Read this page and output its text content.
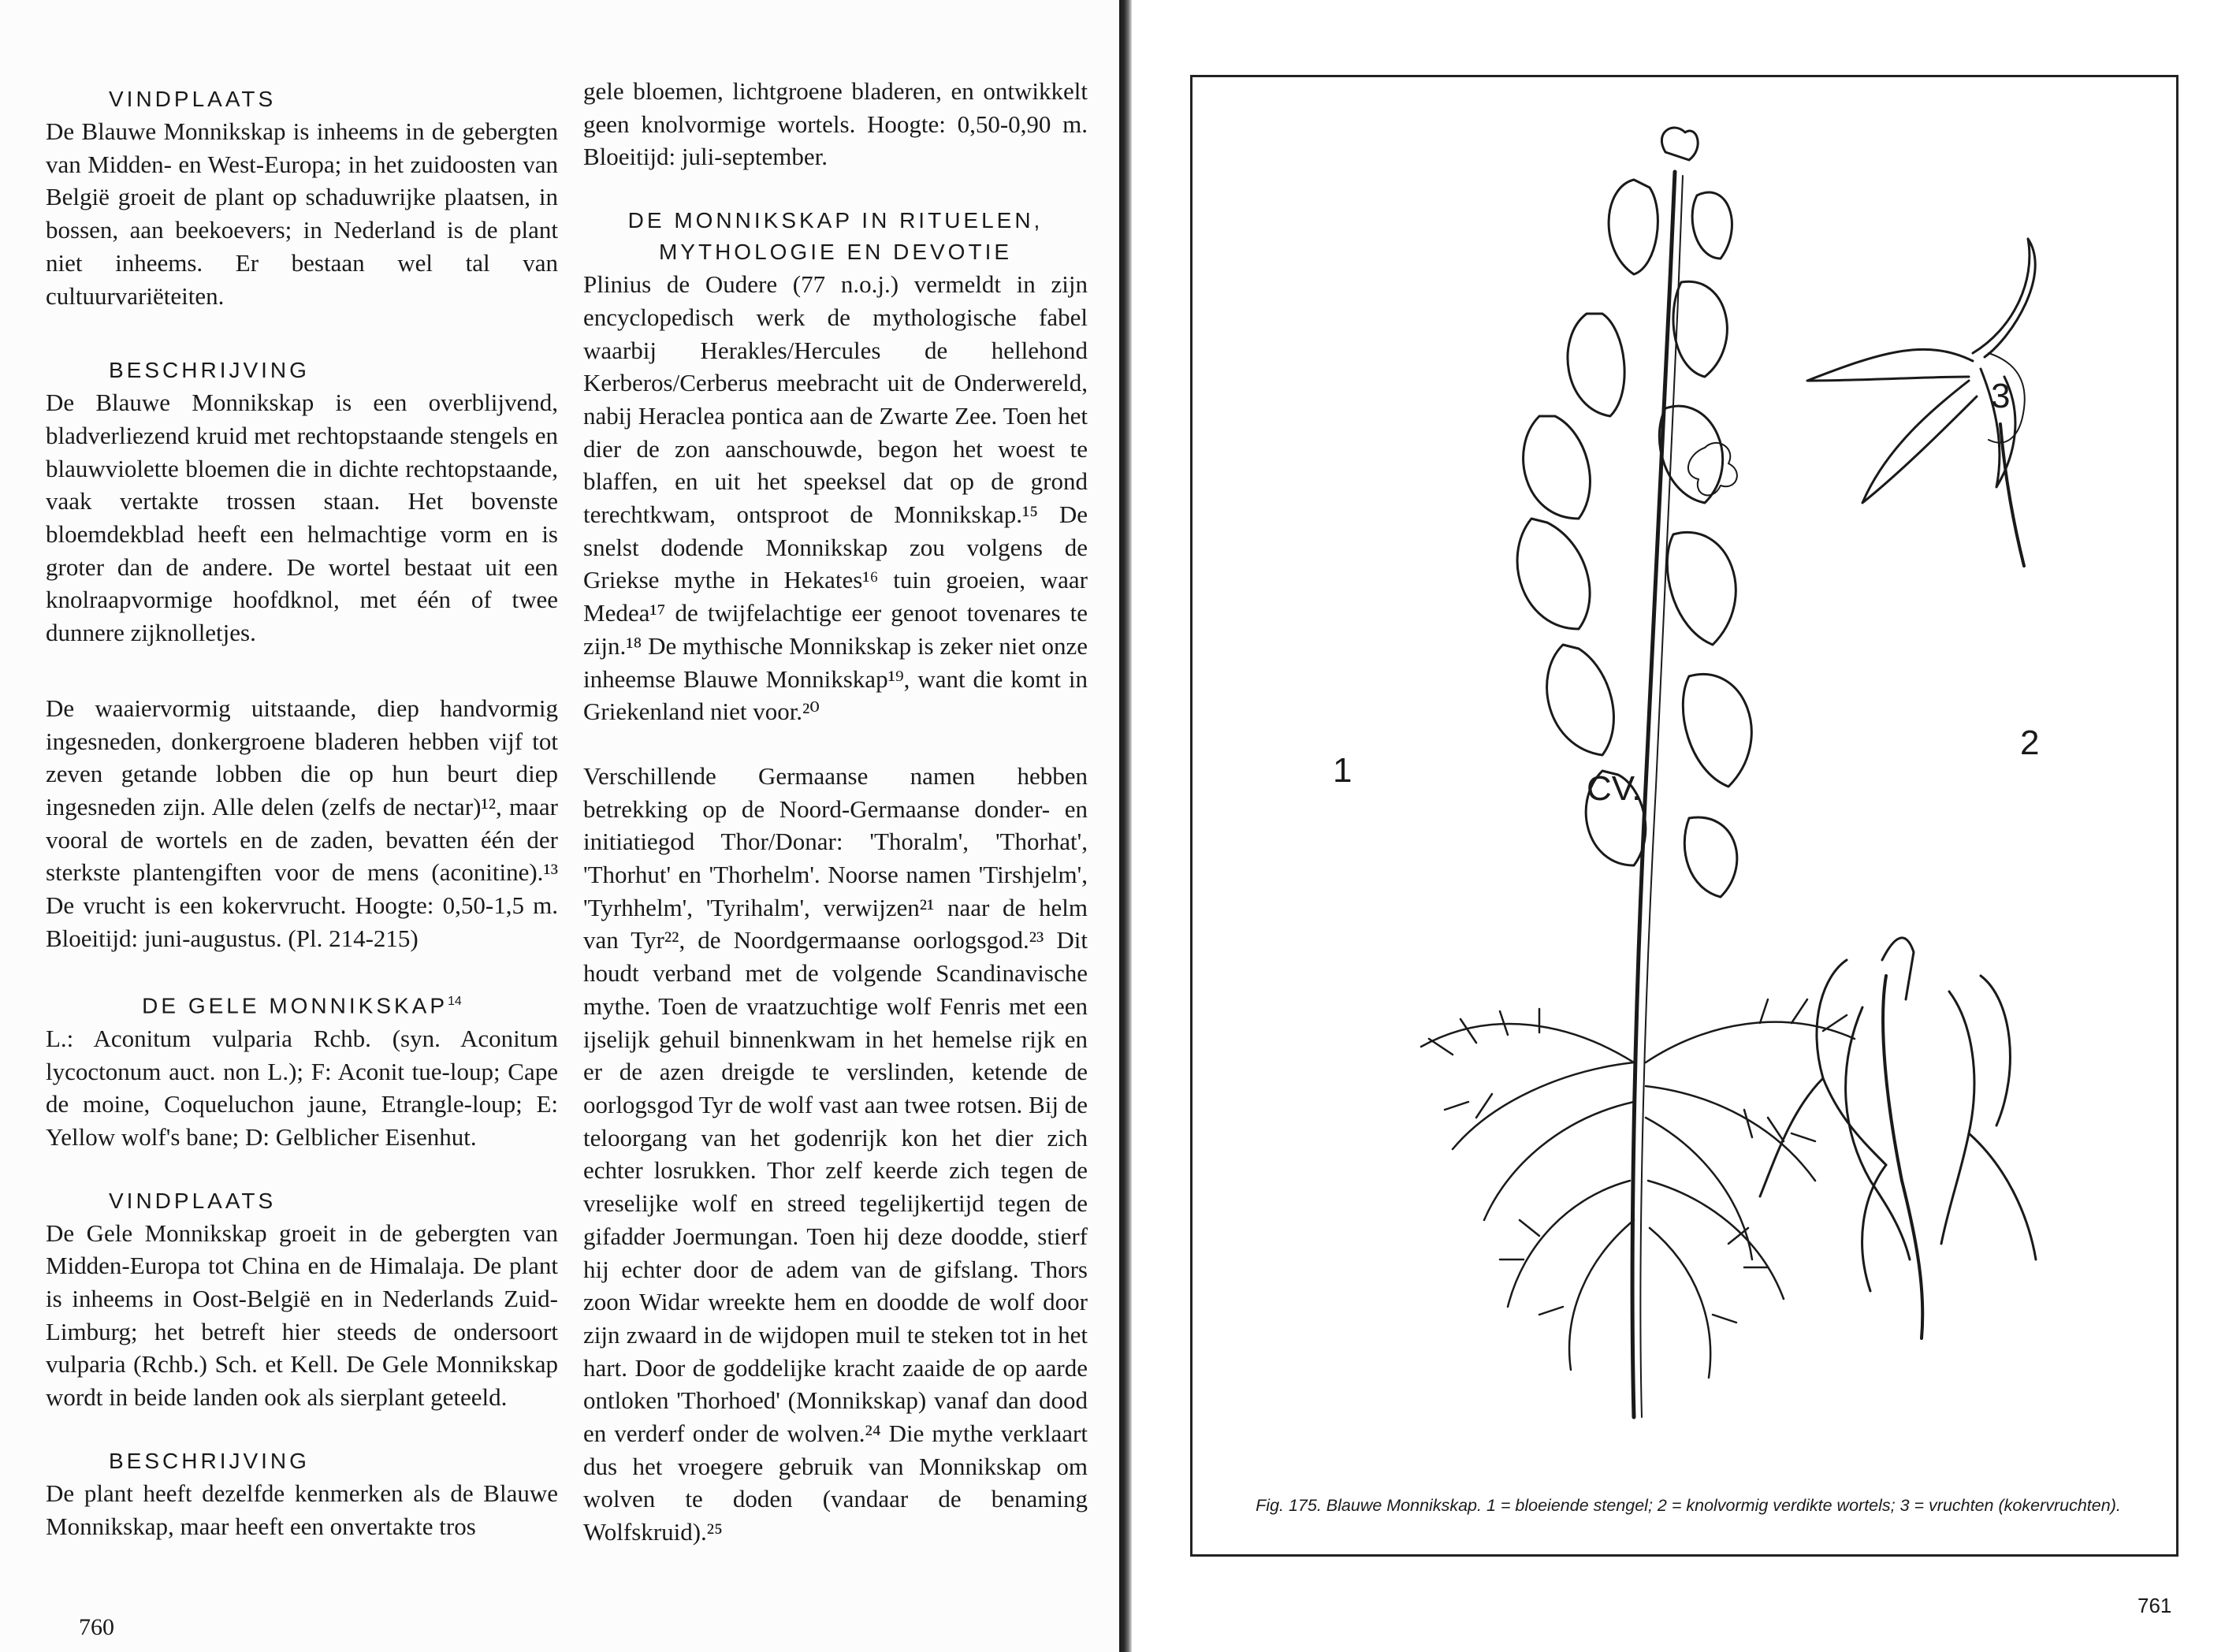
VINDPLAATS

De Blauwe Monnikskap is inheems in de gebergten van Midden- en West-Europa; in het zuidoosten van België groeit de plant op schaduwrijke plaatsen, in bossen, aan beekoevers; in Nederland is de plant niet inheems. Er bestaan wel tal van cultuurvariëteiten.

BESCHRIJVING

De Blauwe Monnikskap is een overblijvend, bladverliezend kruid met rechtopstaande stengels en blauwviolette bloemen die in dichte rechtopstaande, vaak vertakte trossen staan. Het bovenste bloemdekblad heeft een helmachtige vorm en is groter dan de andere. De wortel bestaat uit een knolraapvormige hoofdknol, met één of twee dunnere zijknolletjes.

De waaiervormig uitstaande, diep handvormig ingesneden, donkergroene bladeren hebben vijf tot zeven getande lobben die op hun beurt diep ingesneden zijn. Alle delen (zelfs de nectar)¹², maar vooral de wortels en de zaden, bevatten één der sterkste plantengiften voor de mens (aconitine).¹³ De vrucht is een kokervrucht. Hoogte: 0,50-1,5 m. Bloeitijd: juni-augustus. (Pl. 214-215)

DE GELE MONNIKSKAP$^{14}$

L.: Aconitum vulparia Rchb. (syn. Aconitum lycoctonum auct. non L.); F: Aconit tue-loup; Cape de moine, Coqueluchon jaune, Etrangle-loup; E: Yellow wolf's bane; D: Gelblicher Eisenhut.

VINDPLAATS

De Gele Monnikskap groeit in de gebergten van Midden-Europa tot China en de Himalaja. De plant is inheems in Oost-België en in Nederlands Zuid-Limburg; het betreft hier steeds de ondersoort vulparia (Rchb.) Sch. et Kell. De Gele Monnikskap wordt in beide landen ook als sierplant geteeld.

BESCHRIJVING

De plant heeft dezelfde kenmerken als de Blauwe Monnikskap, maar heeft een onvertakte tros

gele bloemen, lichtgroene bladeren, en ontwikkelt geen knolvormige wortels. Hoogte: 0,50-0,90 m. Bloeitijd: juli-september.

DE MONNIKSKAP IN RITUELEN,
MYTHOLOGIE EN DEVOTIE

Plinius de Oudere (77 n.o.j.) vermeldt in zijn encyclopedisch werk de mythologische fabel waarbij Herakles/Hercules de hellehond Kerberos/Cerberus meebracht uit de Onderwereld, nabij Heraclea pontica aan de Zwarte Zee. Toen het dier de zon aanschouwde, begon het woest te blaffen, en uit het speeksel dat op de grond terechtkwam, ontsproot de Monnikskap.¹⁵ De snelst dodende Monnikskap zou volgens de Griekse mythe in Hekates¹⁶ tuin groeien, waar Medea¹⁷ de twijfelachtige eer genoot tovenares te zijn.¹⁸ De mythische Monnikskap is zeker niet onze inheemse Blauwe Monnikskap¹⁹, want die komt in Griekenland niet voor.²⁰

Verschillende Germaanse namen hebben betrekking op de Noord-Germaanse donder- en initiatiegod Thor/Donar: 'Thoralm', 'Thorhat', 'Thorhut' en 'Thorhelm'. Noorse namen 'Tirshjelm', 'Tyrhhelm', 'Tyrihalm', verwijzen²¹ naar de helm van Tyr²², de Noordgermaanse oorlogsgod.²³ Dit houdt verband met de volgende Scandinavische mythe. Toen de vraatzuchtige wolf Fenris met een ijselijk gehuil binnenkwam in het hemelse rijk en er de azen dreigde te verslinden, ketende de oorlogsgod Tyr de wolf vast aan twee rotsen. Bij de teloorgang van het godenrijk kon het dier zich echter losrukken. Thor zelf keerde zich tegen de vreselijke wolf en streed tegelijkertijd tegen de gifadder Joermungan. Toen hij deze doodde, stierf hij echter door de adem van de gifslang. Thors zoon Widar wreekte hem en doodde de wolf door zijn zwaard in de wijdopen muil te steken tot in het hart. Door de goddelijke kracht zaaide de op aarde ontloken 'Thorhoed' (Monnikskap) vanaf dan dood en verderf onder de wolven.²⁴ Die mythe verklaart dus het vroegere gebruik van Monnikskap om wolven te doden (vandaar de benaming Wolfskruid).²⁵

760
1	CV.
3
2
Fig. 175. Blauwe Monnikskap. 1 = bloeiende stengel; 2 = knolvormig verdikte wortels; 3 = vruchten (kokervruchten).
761
